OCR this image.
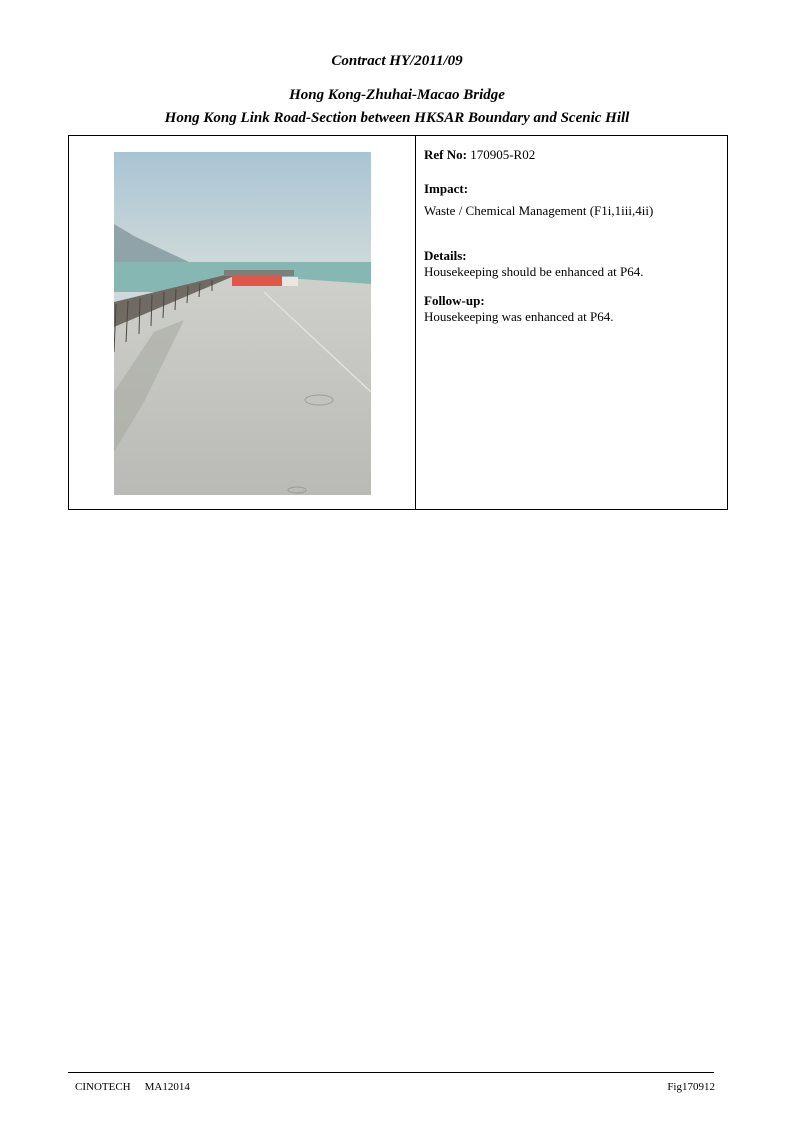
Contract HY/2011/09
Hong Kong-Zhuhai-Macao Bridge
Hong Kong Link Road-Section between HKSAR Boundary and Scenic Hill
Ref No: 170905-R02
Impact:
Waste / Chemical Management (F1i,1iii,4ii)
Details:
Housekeeping should be enhanced at P64.
Follow-up:
Housekeeping was enhanced at P64.
CINOTECH MA12014	Fig170912
